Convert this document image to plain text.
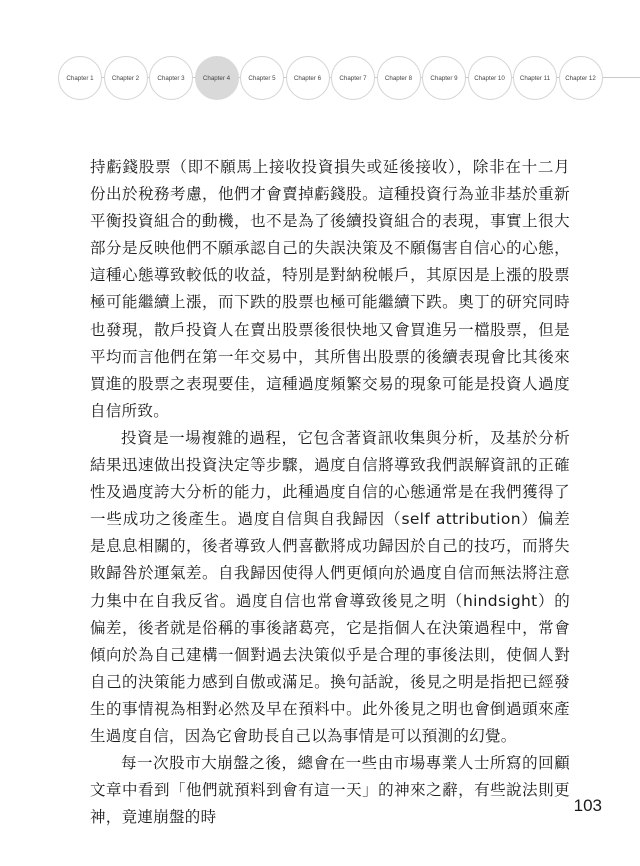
Chapter 1	Chapter 2	Chapter 3	Chapter 4	Chapter 5	Chapter 6	Chapter 7	Chapter 8	Chapter 9	Chapter 10	Chapter 11	Chapter 12

持虧錢股票（即不願馬上接收投資損失或延後接收），除非在十二月份出於稅務考慮，他們才會賣掉虧錢股。這種投資行為並非基於重新平衡投資組合的動機，也不是為了後續投資組合的表現，事實上很大部分是反映他們不願承認自己的失誤決策及不願傷害自信心的心態，這種心態導致較低的收益，特別是對納稅帳戶，其原因是上漲的股票極可能繼續上漲，而下跌的股票也極可能繼續下跌。奧丁的研究同時也發現，散戶投資人在賣出股票後很快地又會買進另一檔股票，但是平均而言他們在第一年交易中，其所售出股票的後續表現會比其後來買進的股票之表現要佳，這種過度頻繁交易的現象可能是投資人過度自信所致。

投資是一場複雜的過程，它包含著資訊收集與分析，及基於分析結果迅速做出投資決定等步驟，過度自信將導致我們誤解資訊的正確性及過度誇大分析的能力，此種過度自信的心態通常是在我們獲得了一些成功之後產生。過度自信與自我歸因（self attribution）偏差是息息相關的，後者導致人們喜歡將成功歸因於自己的技巧，而將失敗歸咎於運氣差。自我歸因使得人們更傾向於過度自信而無法將注意力集中在自我反省。過度自信也常會導致後見之明（hindsight）的偏差，後者就是俗稱的事後諸葛亮，它是指個人在決策過程中，常會傾向於為自己建構一個對過去決策似乎是合理的事後法則，使個人對自己的決策能力感到自傲或滿足。換句話說，後見之明是指把已經發生的事情視為相對必然及早在預料中。此外後見之明也會倒過頭來產生過度自信，因為它會助長自己以為事情是可以預測的幻覺。

每一次股市大崩盤之後，總會在一些由市場專業人士所寫的回顧文章中看到「他們就預料到會有這一天」的神來之辭，有些說法則更神，竟連崩盤的時

103
